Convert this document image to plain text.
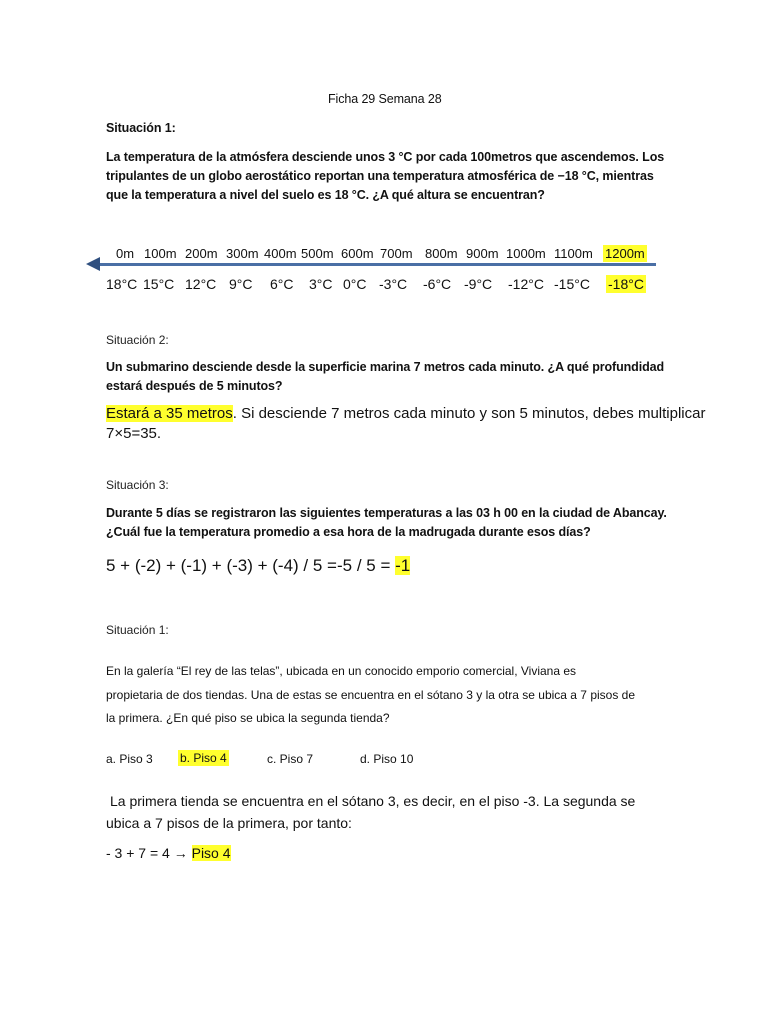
Ficha 29 Semana 28
Situación 1:
La temperatura de la atmósfera desciende unos 3 °C por cada 100metros que ascendemos. Los
tripulantes de un globo aerostático reportan una temperatura atmosférica de −18 °C, mientras
que la temperatura a nivel del suelo es 18 °C. ¿A qué altura se encuentran?
0m 100m 200m 300m 400m 500m 600m 700m 800m 900m 1000m 1100m 1200m
18°C 15°C 12°C 9°C 6°C 3°C 0°C -3°C -6°C -9°C -12°C -15°C -18°C
Situación 2:
Un submarino desciende desde la superficie marina 7 metros cada minuto. ¿A qué profundidad
estará después de 5 minutos?
Estará a 35 metros. Si desciende 7 metros cada minuto y son 5 minutos, debes multiplicar
7×5=35.
Situación 3:
Durante 5 días se registraron las siguientes temperaturas a las 03 h 00 en la ciudad de Abancay.
¿Cuál fue la temperatura promedio a esa hora de la madrugada durante esos días?
5 + (-2) + (-1) + (-3) + (-4) / 5 =-5 / 5 = -1
Situación 1:
En la galería “El rey de las telas”, ubicada en un conocido emporio comercial, Viviana es
propietaria de dos tiendas. Una de estas se encuentra en el sótano 3 y la otra se ubica a 7 pisos de
la primera. ¿En qué piso se ubica la segunda tienda?
a. Piso 3 b. Piso 4	c. Piso 7	d. Piso 10
La primera tienda se encuentra en el sótano 3, es decir, en el piso -3. La segunda se
ubica a 7 pisos de la primera, por tanto:
- 3 + 7 = 4 → Piso 4
